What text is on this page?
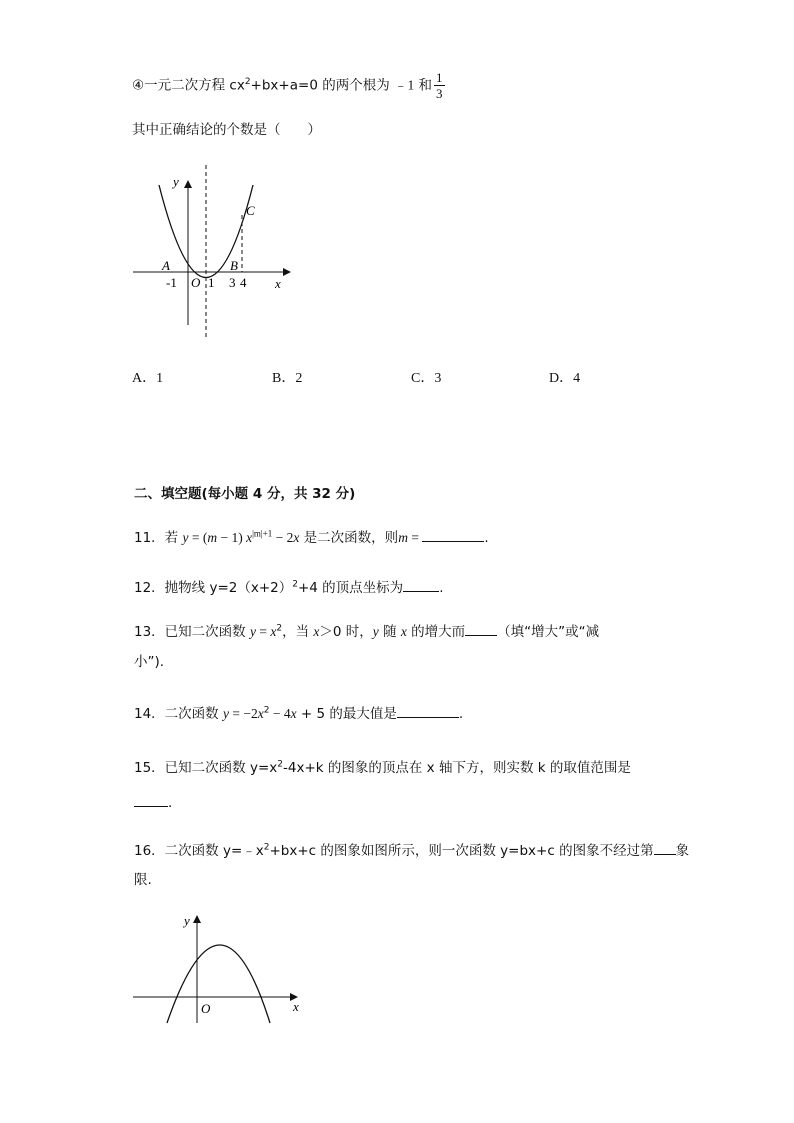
④一元二次方程 $cx^2+bx+a=0$ 的两个根为 ﹣1 和 $\frac{1}{3}$
其中正确结论的个数是（　　）
y
x
A	B
C
O
-1 1 3 4
A．1	B．2	C．3	D．4
二、填空题(每小题 4 分，共 32 分)
11．若 y = (m − 1) $x^{|m|+1} - 2x$ 是二次函数，则m =	.
12．抛物线 $y=2(x+2)^2+4$ 的顶点坐标为	.
13．已知二次函数 $y = x^2$，当 x＞0 时，y 随 x 的增大而 （填“增大”或“减
小”).
14．二次函数 $y = -2x^2 - 4x + 5$ 的最大值是	.
15．已知二次函数 $y=x^2-4x+k$ 的图象的顶点在 x 轴下方，则实数 k 的取值范围是
.
16．二次函数 $y=﹣x^2+bx+c$ 的图象如图所示，则一次函数 y=bx+c 的图象不经过第 象
限.
y
x
O
